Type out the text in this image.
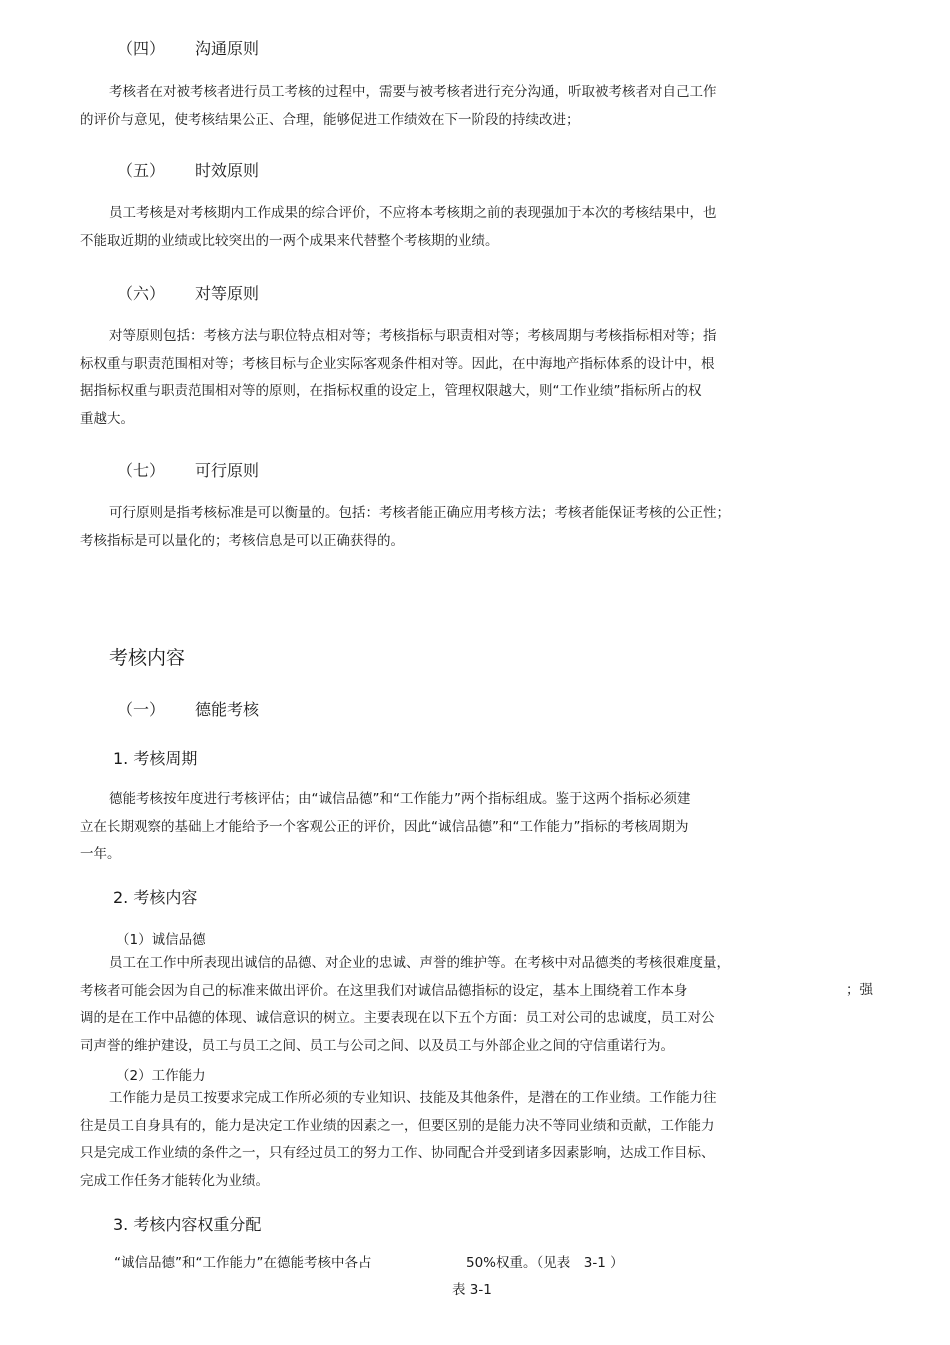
（四） 沟通原则

考核者在对被考核者进行员工考核的过程中，需要与被考核者进行充分沟通，听取被考核者对自己工作

的评价与意见，使考核结果公正、合理，能够促进工作绩效在下一阶段的持续改进；

（五） 时效原则

员工考核是对考核期内工作成果的综合评价，不应将本考核期之前的表现强加于本次的考核结果中，也

不能取近期的业绩或比较突出的一两个成果来代替整个考核期的业绩。

（六） 对等原则

对等原则包括：考核方法与职位特点相对等；考核指标与职责相对等；考核周期与考核指标相对等；指

标权重与职责范围相对等；考核目标与企业实际客观条件相对等。因此，在中海地产指标体系的设计中，根

据指标权重与职责范围相对等的原则，在指标权重的设定上，管理权限越大，则“工作业绩”指标所占的权

重越大。

（七） 可行原则

可行原则是指考核标准是可以衡量的。包括：考核者能正确应用考核方法；考核者能保证考核的公正性；

考核指标是可以量化的；考核信息是可以正确获得的。

考核内容
（一） 德能考核
1. 考核周期

德能考核按年度进行考核评估；由“诚信品德”和“工作能力”两个指标组成。鉴于这两个指标必须建

立在长期观察的基础上才能给予一个客观公正的评价，因此“诚信品德”和“工作能力”指标的考核周期为

一年。

2. 考核内容
（1）诚信品德

员工在工作中所表现出诚信的品德、对企业的忠诚、声誉的维护等。在考核中对品德类的考核很难度量，

考核者可能会因为自己的标准来做出评价。在这里我们对诚信品德指标的设定，基本上围绕着工作本身

调的是在工作中品德的体现、诚信意识的树立。主要表现在以下五个方面：员工对公司的忠诚度，员工对公

司声誉的维护建设，员工与员工之间、员工与公司之间、以及员工与外部企业之间的守信重诺行为。

；强
（2）工作能力

工作能力是员工按要求完成工作所必须的专业知识、技能及其他条件，是潜在的工作业绩。工作能力往

往是员工自身具有的，能力是决定工作业绩的因素之一，但要区别的是能力决不等同业绩和贡献，工作能力

只是完成工作业绩的条件之一，只有经过员工的努力工作、协同配合并受到诸多因素影响，达成工作目标、

完成工作任务才能转化为业绩。

3. 考核内容权重分配
“诚信品德”和“工作能力”在德能考核中各占	50%权重。（见表　3-1 ）
表 3-1
